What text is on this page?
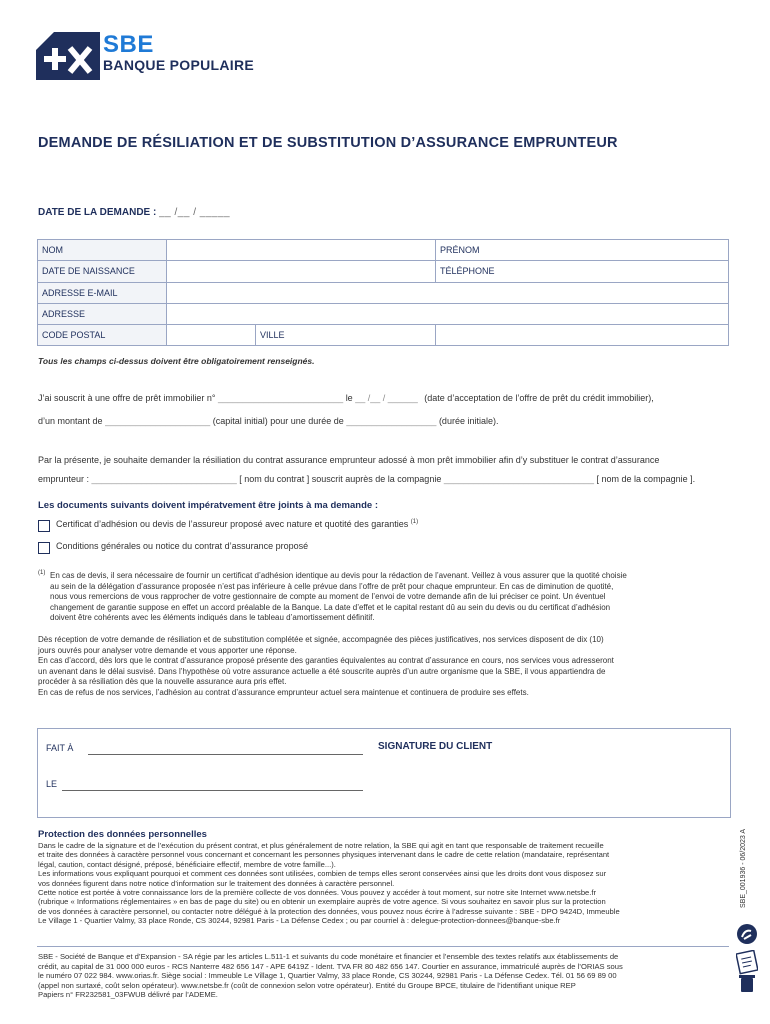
SBE
BANQUE POPULAIRE
DEMANDE DE RÉSILIATION ET DE SUBSTITUTION D’ASSURANCE EMPRUNTEUR
DATE DE LA DEMANDE : __ /__ / _____
NOM		PRÉNOM	
DATE DE NAISSANCE		TÉLÉPHONE	
ADRESSE E-MAIL			
ADRESSE			
CODE POSTAL	VILLE		

Tous les champs ci-dessus doivent être obligatoirement renseignés.
J’ai souscrit à une offre de prêt immobilier n° _________________________ le __ /__ / ______ (date d’acceptation de l’offre de prêt du crédit immobilier),
d’un montant de _____________________ (capital initial) pour une durée de __________________ (durée initiale).
Par la présente, je souhaite demander la résiliation du contrat assurance emprunteur adossé à mon prêt immobilier afin d’y substituer le contrat d’assurance
emprunteur : _____________________________ [ nom du contrat ] souscrit auprès de la compagnie ______________________________ [ nom de la compagnie ].
Les documents suivants doivent impératvement être joints à ma demande :
Certificat d’adhésion ou devis de l’assureur proposé avec nature et quotité des garanties $^{(1)}$
Conditions générales ou notice du contrat d’assurance proposé
$^{(1)}$ En cas de devis, il sera nécessaire de fournir un certificat d’adhésion identique au devis pour la rédaction de l’avenant. Veillez à vous assurer que la quotité choisie
au sein de la délégation d’assurance proposée n’est pas inférieure à celle prévue dans l’offre de prêt pour chaque emprunteur. En cas de diminution de quotité,
nous vous remercions de vous rapprocher de votre gestionnaire de compte au moment de l’envoi de votre demande afin de lui préciser ce point. Un éventuel
changement de garantie suppose en effet un accord préalable de la Banque. La date d’effet et le capital restant dû au sein du devis ou du certificat d’adhésion
doivent être cohérents avec les éléments indiqués dans le tableau d’amortissement définitif.
Dès réception de votre demande de résiliation et de substitution complétée et signée, accompagnée des pièces justificatives, nos services disposent de dix (10)
jours ouvrés pour analyser votre demande et vous apporter une réponse.
En cas d’accord, dès lors que le contrat d’assurance proposé présente des garanties équivalentes au contrat d’assurance en cours, nos services vous adresseront
un avenant dans le délai susvisé. Dans l’hypothèse où votre assurance actuelle a été souscrite auprès d’un autre organisme que la SBE, il vous appartiendra de
procéder à sa résiliation dès que la nouvelle assurance aura pris effet.
En cas de refus de nos services, l’adhésion au contrat d’assurance emprunteur actuel sera maintenue et continuera de produire ses effets.
FAIT À	SIGNATURE DU CLIENT
LE
Protection des données personnelles
Dans le cadre de la signature et de l’exécution du présent contrat, et plus généralement de notre relation, la SBE qui agit en tant que responsable de traitement recueille
et traite des données à caractère personnel vous concernant et concernant les personnes physiques intervenant dans le cadre de cette relation (mandataire, représentant
légal, caution, contact désigné, préposé, bénéficiaire effectif, membre de votre famille...).
Les informations vous expliquant pourquoi et comment ces données sont utilisées, combien de temps elles seront conservées ainsi que les droits dont vous disposez sur
vos données figurent dans notre notice d’information sur le traitement des données à caractère personnel.
Cette notice est portée à votre connaissance lors de la première collecte de vos données. Vous pouvez y accéder à tout moment, sur notre site Internet www.netsbe.fr
(rubrique « Informations réglementaires » en bas de page du site) ou en obtenir un exemplaire auprès de votre agence. Si vous souhaitez en savoir plus sur la protection
de vos données à caractère personnel, ou contacter notre délégué à la protection des données, vous pouvez nous écrire à l’adresse suivante : SBE - DPO 9424D, Immeuble
Le Village 1 - Quartier Valmy, 33 place Ronde, CS 30244, 92981 Paris - La Défense Cedex ; ou par courriel à : delegue-protection-donnees@banque-sbe.fr
SBE - Société de Banque et d’Expansion - SA régie par les articles L.511-1 et suivants du code monétaire et financier et l’ensemble des textes relatifs aux établissements de
crédit, au capital de 31 000 000 euros - RCS Nanterre 482 656 147 - APE 6419Z - Ident. TVA FR 80 482 656 147. Courtier en assurance, immatriculé auprès de l’ORIAS sous
le numéro 07 022 984. www.orias.fr. Siège social : Immeuble Le Village 1, Quartier Valmy, 33 place Ronde, CS 30244, 92981 Paris - La Défense Cedex. Tél. 01 56 69 89 00
(appel non surtaxé, coût selon opérateur). www.netsbe.fr (coût de connexion selon votre opérateur). Entité du Groupe BPCE, titulaire de l’identifiant unique REP
Papiers n° FR232581_03FWUB délivré par l’ADEME.
SBE_001936 - 06/2023 A
